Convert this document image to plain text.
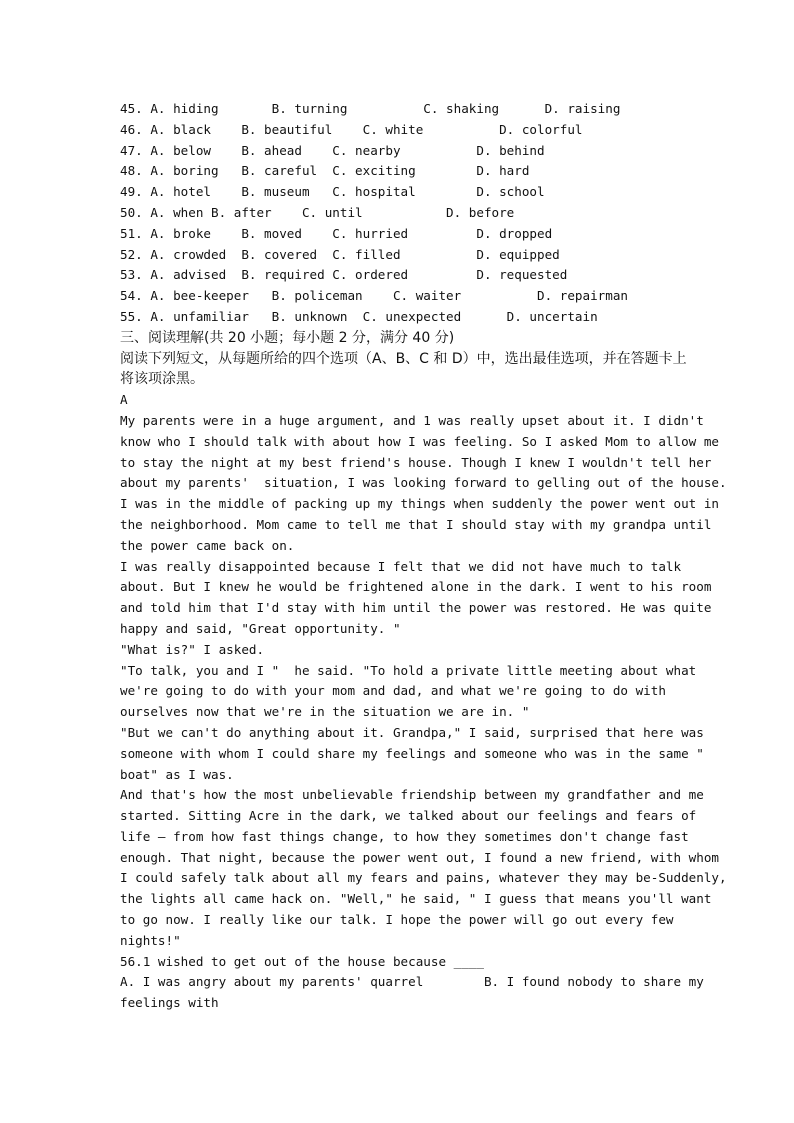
45. A. hiding       B. turning          C. shaking      D. raising

46. A. black    B. beautiful    C. white          D. colorful

47. A. below    B. ahead    C. nearby          D. behind

48. A. boring   B. careful  C. exciting        D. hard

49. A. hotel    B. museum   C. hospital        D. school

50. A. when B. after    C. until           D. before

51. A. broke    B. moved    C. hurried         D. dropped

52. A. crowded  B. covered  C. filled          D. equipped

53. A. advised  B. required C. ordered         D. requested

54. A. bee-keeper   B. policeman    C. waiter          D. repairman

55. A. unfamiliar   B. unknown  C. unexpected      D. uncertain

三、阅读理解(共 20 小题；每小题 2 分，满分 40 分)

阅读下列短文，从每题所给的四个选项（A、B、C 和 D）中，选出最佳选项，并在答题卡上

将该项涂黑。

A

My parents were in a huge argument, and 1 was really upset about it. I didn't

know who I should talk with about how I was feeling. So I asked Mom to allow me

to stay the night at my best friend's house. Though I knew I wouldn't tell her

about my parents'  situation, I was looking forward to gelling out of the house.

I was in the middle of packing up my things when suddenly the power went out in

the neighborhood. Mom came to tell me that I should stay with my grandpa until

the power came back on.

I was really disappointed because I felt that we did not have much to talk

about. But I knew he would be frightened alone in the dark. I went to his room

and told him that I'd stay with him until the power was restored. He was quite

happy and said, "Great opportunity. "

"What is?" I asked.

"To talk, you and I "  he said. "To hold a private little meeting about what

we're going to do with your mom and dad, and what we're going to do with

ourselves now that we're in the situation we are in. "

"But we can't do anything about it. Grandpa," I said, surprised that here was

someone with whom I could share my feelings and someone who was in the same "

boat" as I was.

And that's how the most unbelievable friendship between my grandfather and me

started. Sitting Acre in the dark, we talked about our feelings and fears of

life — from how fast things change, to how they sometimes don't change fast

enough. That night, because the power went out, I found a new friend, with whom

I could safely talk about all my fears and pains, whatever they may be-Suddenly,

the lights all came hack on. "Well," he said, " I guess that means you'll want

to go now. I really like our talk. I hope the power will go out every few

nights!"

56.1 wished to get out of the house because ____

A. I was angry about my parents' quarrel        B. I found nobody to share my

feelings with
